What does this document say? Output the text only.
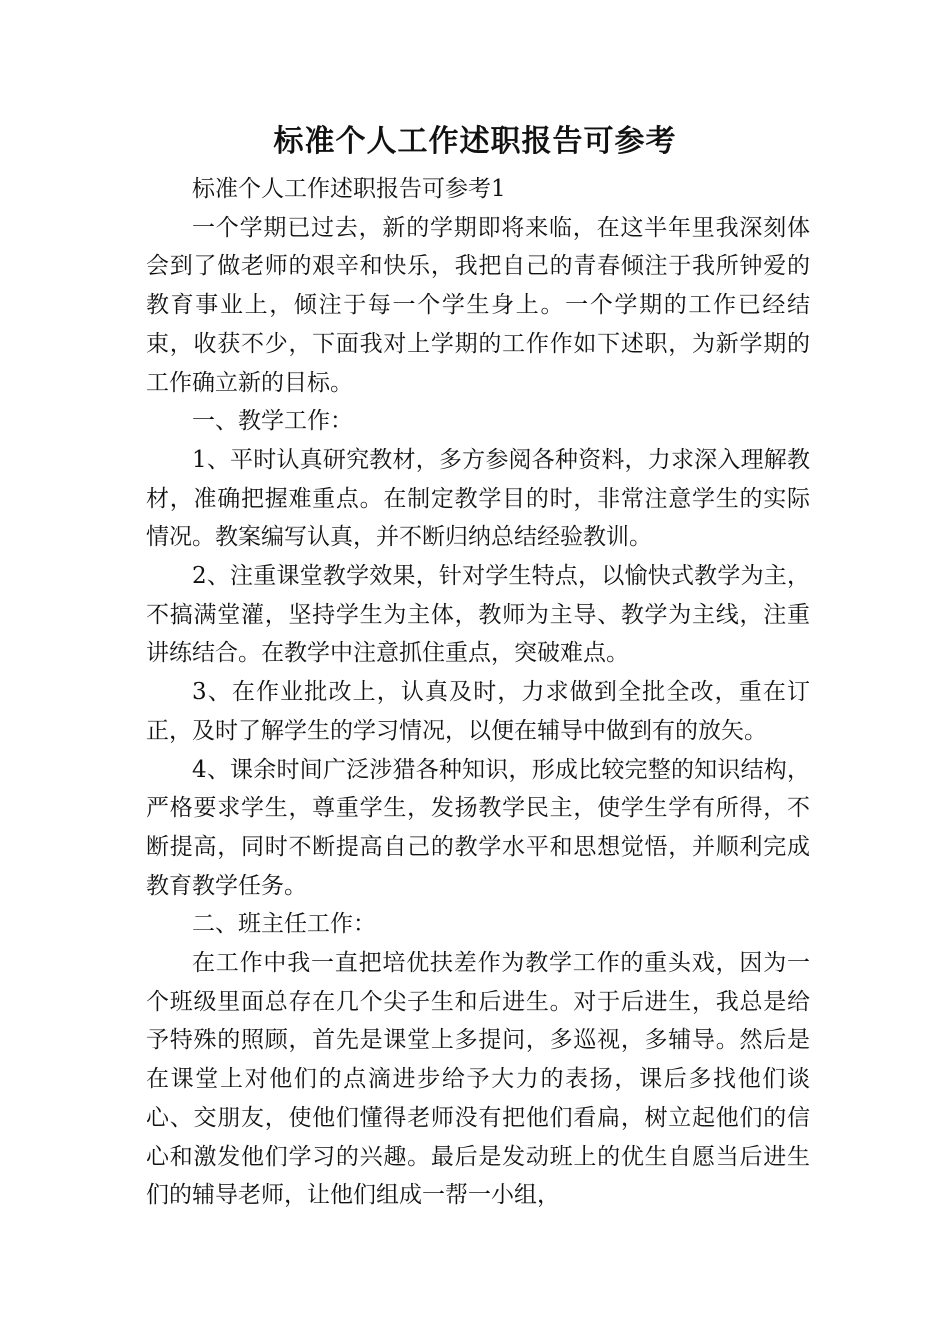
标准个人工作述职报告可参考

标准个人工作述职报告可参考1

一个学期已过去，新的学期即将来临，在这半年里我深刻体会到了做老师的艰辛和快乐，我把自己的青春倾注于我所钟爱的教育事业上，倾注于每一个学生身上。一个学期的工作已经结束，收获不少，下面我对上学期的工作作如下述职，为新学期的工作确立新的目标。

一、教学工作：

1、平时认真研究教材，多方参阅各种资料，力求深入理解教材，准确把握难重点。在制定教学目的时，非常注意学生的实际情况。教案编写认真，并不断归纳总结经验教训。

2、注重课堂教学效果，针对学生特点，以愉快式教学为主，不搞满堂灌，坚持学生为主体，教师为主导、教学为主线，注重讲练结合。在教学中注意抓住重点，突破难点。

3、在作业批改上，认真及时，力求做到全批全改，重在订正，及时了解学生的学习情况，以便在辅导中做到有的放矢。

4、课余时间广泛涉猎各种知识，形成比较完整的知识结构，严格要求学生，尊重学生，发扬教学民主，使学生学有所得，不断提高，同时不断提高自己的教学水平和思想觉悟，并顺利完成教育教学任务。

二、班主任工作：

在工作中我一直把培优扶差作为教学工作的重头戏，因为一个班级里面总存在几个尖子生和后进生。对于后进生，我总是给予特殊的照顾，首先是课堂上多提问，多巡视，多辅导。然后是在课堂上对他们的点滴进步给予大力的表扬，课后多找他们谈心、交朋友，使他们懂得老师没有把他们看扁，树立起他们的信心和激发他们学习的兴趣。最后是发动班上的优生自愿当后进生们的辅导老师，让他们组成一帮一小组，
